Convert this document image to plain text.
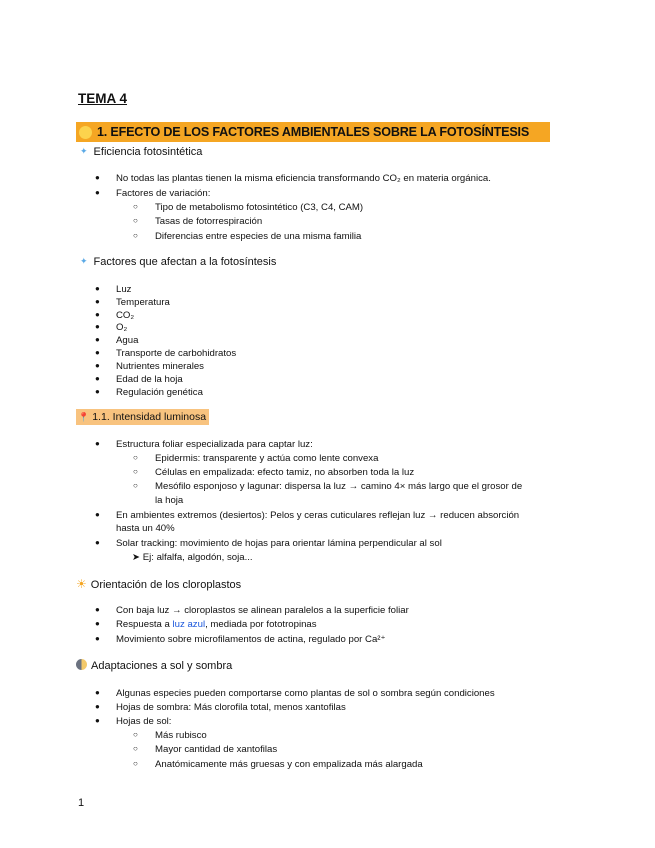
TEMA 4
1. EFECTO DE LOS FACTORES AMBIENTALES SOBRE LA FOTOSÍNTESIS
✦ Eficiencia fotosintética
● No todas las plantas tienen la misma eficiencia transformando CO₂ en materia orgánica.
● Factores de variación:
○ Tipo de metabolismo fotosintético (C3, C4, CAM)
○ Tasas de fotorrespiración
○ Diferencias entre especies de una misma familia
✦ Factores que afectan a la fotosíntesis
● Luz
● Temperatura
● CO₂
● O₂
● Agua
● Transporte de carbohidratos
● Nutrientes minerales
● Edad de la hoja
● Regulación genética
📍 1.1. Intensidad luminosa
● Estructura foliar especializada para captar luz:
○ Epidermis: transparente y actúa como lente convexa
○ Células en empalizada: efecto tamiz, no absorben toda la luz
○ Mesófilo esponjoso y lagunar: dispersa la luz → camino 4× más largo que el grosor de
la hoja
● En ambientes extremos (desiertos): Pelos y ceras cuticulares reflejan luz → reducen absorción
hasta un 40%
● Solar tracking: movimiento de hojas para orientar lámina perpendicular al sol
➤ Ej: alfalfa, algodón, soja...
☀ Orientación de los cloroplastos
● Con baja luz → cloroplastos se alinean paralelos a la superficie foliar
● Respuesta a luz azul, mediada por fototropinas
● Movimiento sobre microfilamentos de actina, regulado por Ca²⁺
Adaptaciones a sol y sombra
● Algunas especies pueden comportarse como plantas de sol o sombra según condiciones
● Hojas de sombra: Más clorofila total, menos xantofilas
● Hojas de sol:
○ Más rubisco
○ Mayor cantidad de xantofilas
○ Anatómicamente más gruesas y con empalizada más alargada
1
